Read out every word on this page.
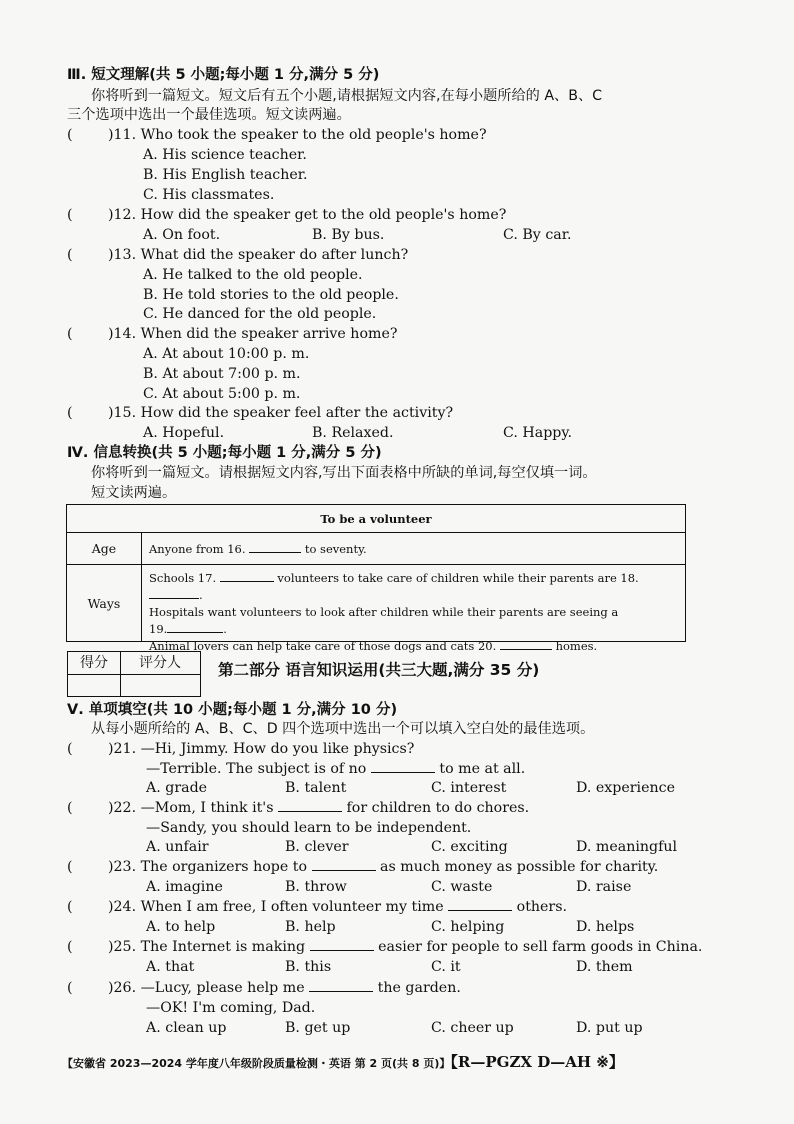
Ⅲ. 短文理解(共 5 小题;每小题 1 分,满分 5 分)
你将听到一篇短文。短文后有五个小题,请根据短文内容,在每小题所给的 A、B、C
三个选项中选出一个最佳选项。短文读两遍。
( )11. Who took the speaker to the old people's home?
A. His science teacher.
B. His English teacher.
C. His classmates.
( )12. How did the speaker get to the old people's home?
A. On foot.	B. By bus.	C. By car.
( )13. What did the speaker do after lunch?
A. He talked to the old people.
B. He told stories to the old people.
C. He danced for the old people.
( )14. When did the speaker arrive home?
A. At about 10:00 p. m.
B. At about 7:00 p. m.
C. At about 5:00 p. m.
( )15. How did the speaker feel after the activity?
A. Hopeful.	B. Relaxed.	C. Happy.
Ⅳ. 信息转换(共 5 小题;每小题 1 分,满分 5 分)
你将听到一篇短文。请根据短文内容,写出下面表格中所缺的单词,每空仅填一词。
短文读两遍。
To be a volunteer
Age	Anyone from 16.	to seventy.
Ways
Schools 17.	volunteers to take care of children while their parents are 18. .
Hospitals want volunteers to look after children while their parents are seeing a
19.	.
Animal lovers can help take care of those dogs and cats 20.	homes.
得分	评分人	第二部分 语言知识运用(共三大题,满分 35 分)
Ⅴ. 单项填空(共 10 小题;每小题 1 分,满分 10 分)
从每小题所给的 A、B、C、D 四个选项中选出一个可以填入空白处的最佳选项。
( )21. —Hi, Jimmy. How do you like physics?
—Terrible. The subject is of no	to me at all.
A. grade	B. talent	C. interest	D. experience
( )22. —Mom, I think it's	for children to do chores.
—Sandy, you should learn to be independent.
A. unfair	B. clever	C. exciting	D. meaningful
( )23. The organizers hope to	as much money as possible for charity.
A. imagine	B. throw	C. waste	D. raise
( )24. When I am free, I often volunteer my time	others.
A. to help	B. help	C. helping	D. helps
( )25. The Internet is making	easier for people to sell farm goods in China.
A. that	B. this	C. it	D. them
( )26. —Lucy, please help me	the garden.
—OK! I'm coming, Dad.
A. clean up	B. get up	C. cheer up	D. put up
【安徽省 2023—2024 学年度八年级阶段质量检测・英语 第 2 页(共 8 页)】【R—PGZX D—AH ※】
